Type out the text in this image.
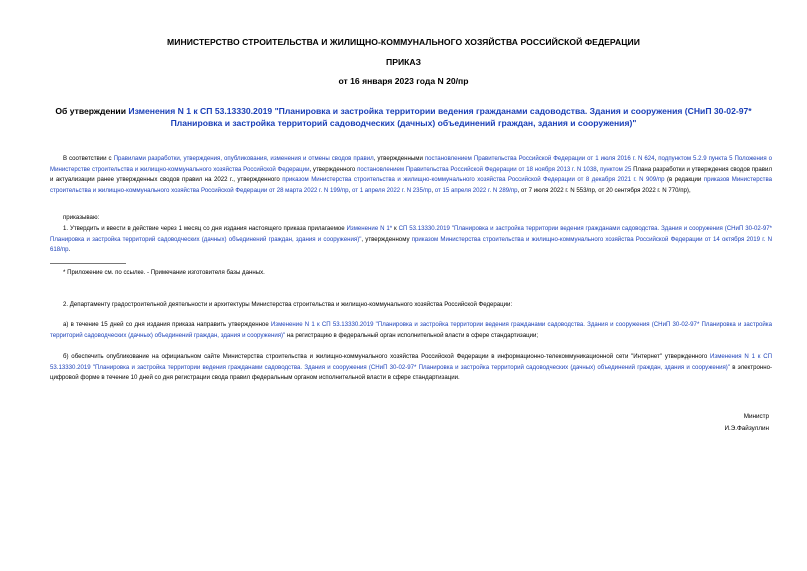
МИНИСТЕРСТВО СТРОИТЕЛЬСТВА И ЖИЛИЩНО-КОММУНАЛЬНОГО ХОЗЯЙСТВА РОССИЙСКОЙ ФЕДЕРАЦИИ
ПРИКАЗ
от 16 января 2023 года N 20/пр
Об утверждении Изменения N 1 к СП 53.13330.2019 "Планировка и застройка территории ведения гражданами садоводства. Здания и сооружения (СНиП 30-02-97* Планировка и застройка территорий садоводческих (дачных) объединений граждан, здания и сооружения)"
В соответствии с Правилами разработки, утверждения, опубликования, изменения и отмены сводов правил, утвержденными постановлением Правительства Российской Федерации от 1 июля 2016 г. N 624, подпунктом 5.2.9 пункта 5 Положения о Министерстве строительства и жилищно-коммунального хозяйства Российской Федерации, утвержденного постановлением Правительства Российской Федерации от 18 ноября 2013 г. N 1038, пунктом 25 Плана разработки и утверждения сводов правил и актуализации ранее утвержденных сводов правил на 2022 г., утвержденного приказом Министерства строительства и жилищно-коммунального хозяйства Российской Федерации от 8 декабря 2021 г. N 909/пр (в редакции приказов Министерства строительства и жилищно-коммунального хозяйства Российской Федерации от 28 марта 2022 г. N 199/пр, от 1 апреля 2022 г. N 235/пр, от 15 апреля 2022 г. N 289/пр, от 7 июля 2022 г. N 553/пр, от 20 сентября 2022 г. N 770/пр),
приказываю:
1. Утвердить и ввести в действие через 1 месяц со дня издания настоящего приказа прилагаемое Изменение N 1* к СП 53.13330.2019 "Планировка и застройка территории ведения гражданами садоводства. Здания и сооружения (СНиП 30-02-97* Планировка и застройка территорий садоводческих (дачных) объединений граждан, здания и сооружения)", утвержденному приказом Министерства строительства и жилищно-коммунального хозяйства Российской Федерации от 14 октября 2019 г. N 618/пр.
* Приложение см. по ссылке. - Примечание изготовителя базы данных.
2. Департаменту градостроительной деятельности и архитектуры Министерства строительства и жилищно-коммунального хозяйства Российской Федерации:
а) в течение 15 дней со дня издания приказа направить утвержденное Изменение N 1 к СП 53.13330.2019 "Планировка и застройка территории ведения гражданами садоводства. Здания и сооружения (СНиП 30-02-97* Планировка и застройка территорий садоводческих (дачных) объединений граждан, здания и сооружения)" на регистрацию в федеральный орган исполнительной власти в сфере стандартизации;
б) обеспечить опубликование на официальном сайте Министерства строительства и жилищно-коммунального хозяйства Российской Федерации в информационно-телекоммуникационной сети "Интернет" утвержденного Изменения N 1 к СП 53.13330.2019 "Планировка и застройка территории ведения гражданами садоводства. Здания и сооружения (СНиП 30-02-97* Планировка и застройка территорий садоводческих (дачных) объединений граждан, здания и сооружения)" в электронно-цифровой форме в течение 10 дней со дня регистрации свода правил федеральным органом исполнительной власти в сфере стандартизации.
Министр
И.Э.Файзуллин
